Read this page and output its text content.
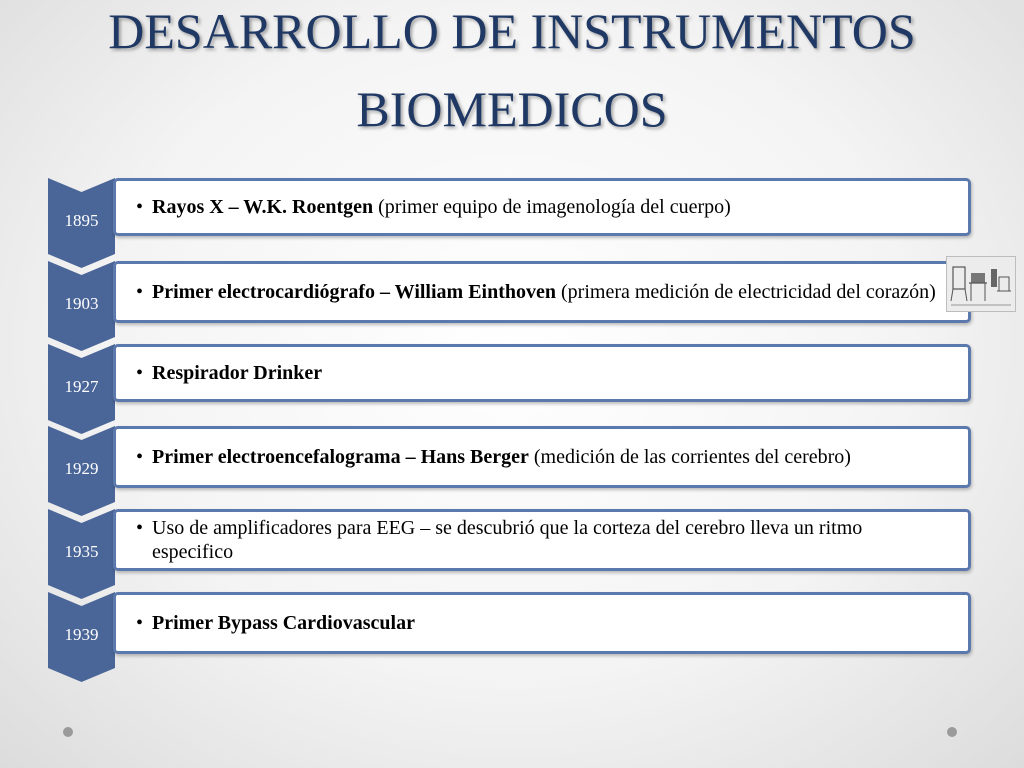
DESARROLLO DE INSTRUMENTOS
BIOMEDICOS
1895

• Rayos X – W.K. Roentgen (primer equipo de imagenología del cuerpo)

1903

• Primer electrocardiógrafo – William Einthoven (primera medición de electricidad del corazón)

1927

• Respirador Drinker

1929

• Primer electroencefalograma – Hans Berger (medición de las corrientes del cerebro)

1935

• Uso de amplificadores para EEG – se descubrió que la corteza del cerebro lleva un ritmo especifico

1939

• Primer Bypass Cardiovascular
